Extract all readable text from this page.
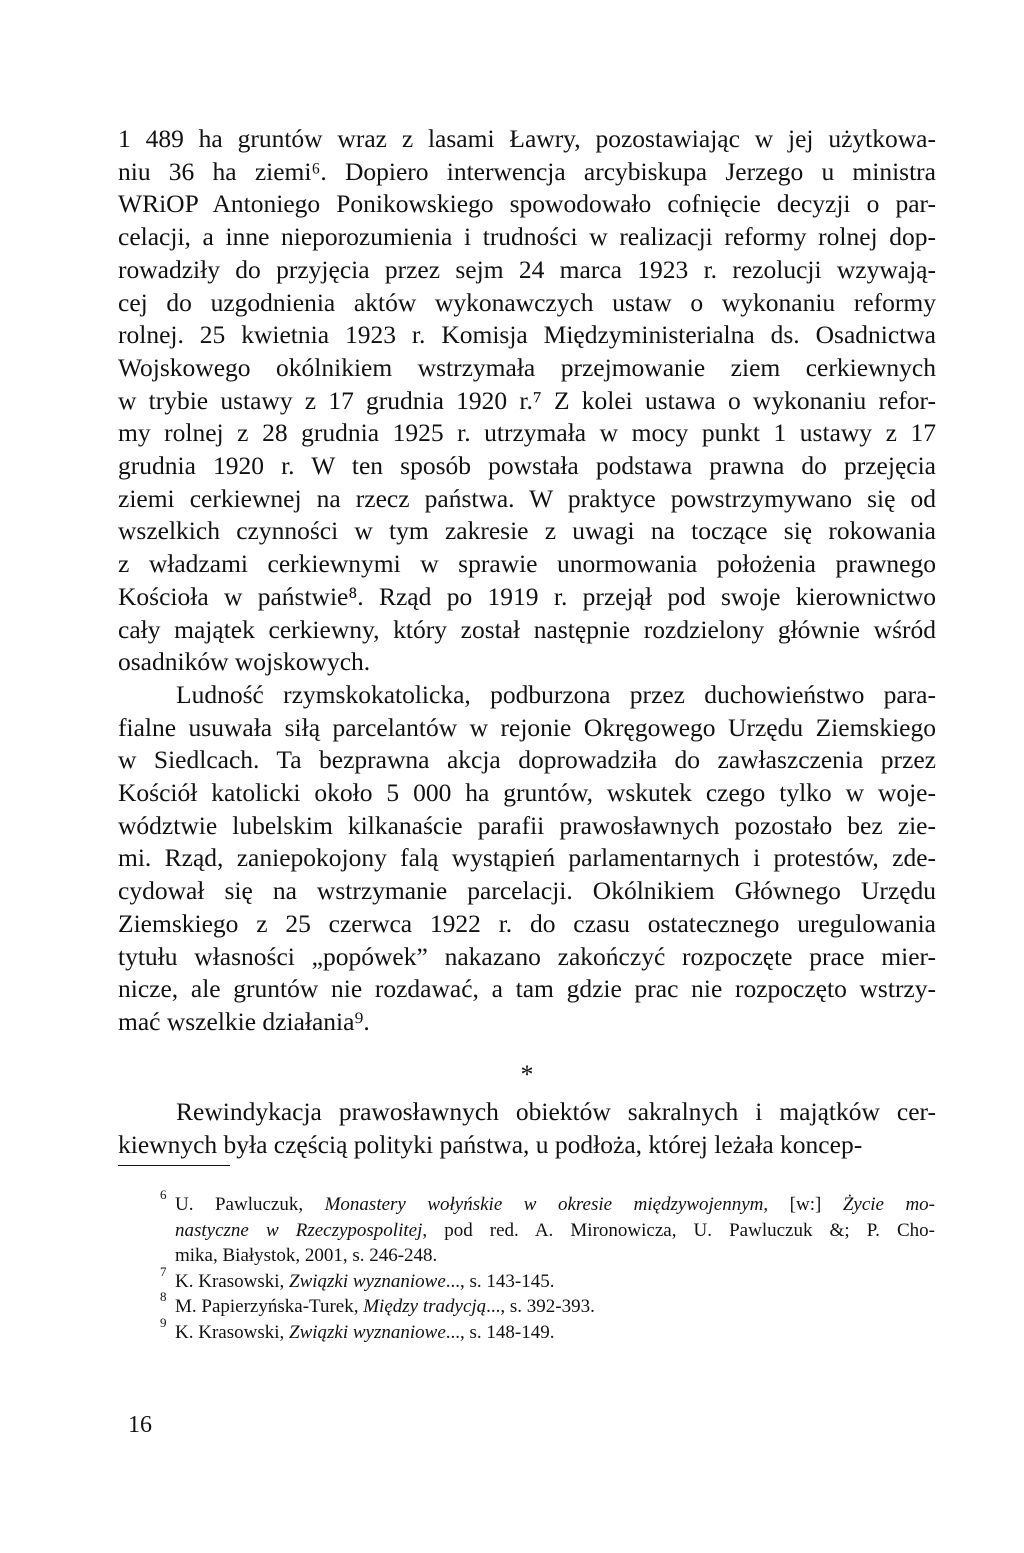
1 489 ha gruntów wraz z lasami Ławry, pozostawiając w jej użytkowa-
niu 36 ha ziemi⁶. Dopiero interwencja arcybiskupa Jerzego u ministra
WRiOP Antoniego Ponikowskiego spowodowało cofnięcie decyzji o par-
celacji, a inne nieporozumienia i trudności w realizacji reformy rolnej dop-
rowadziły do przyjęcia przez sejm 24 marca 1923 r. rezolucji wzywają-
cej do uzgodnienia aktów wykonawczych ustaw o wykonaniu reformy
rolnej. 25 kwietnia 1923 r. Komisja Międzyministerialna ds. Osadnictwa
Wojskowego okólnikiem wstrzymała przejmowanie ziem cerkiewnych
w trybie ustawy z 17 grudnia 1920 r.⁷ Z kolei ustawa o wykonaniu refor-
my rolnej z 28 grudnia 1925 r. utrzymała w mocy punkt 1 ustawy z 17
grudnia 1920 r. W ten sposób powstała podstawa prawna do przejęcia
ziemi cerkiewnej na rzecz państwa. W praktyce powstrzymywano się od
wszelkich czynności w tym zakresie z uwagi na toczące się rokowania
z władzami cerkiewnymi w sprawie unormowania położenia prawnego
Kościoła w państwie⁸. Rząd po 1919 r. przejął pod swoje kierownictwo
cały majątek cerkiewny, który został następnie rozdzielony głównie wśród
osadników wojskowych.

Ludność rzymskokatolicka, podburzona przez duchowieństwo para-
fialne usuwała siłą parcelantów w rejonie Okręgowego Urzędu Ziemskiego
w Siedlcach. Ta bezprawna akcja doprowadziła do zawłaszczenia przez
Kościół katolicki około 5 000 ha gruntów, wskutek czego tylko w woje-
wództwie lubelskim kilkanaście parafii prawosławnych pozostało bez zie-
mi. Rząd, zaniepokojony falą wystąpień parlamentarnych i protestów, zde-
cydował się na wstrzymanie parcelacji. Okólnikiem Głównego Urzędu
Ziemskiego z 25 czerwca 1922 r. do czasu ostatecznego uregulowania
tytułu własności „popówek” nakazano zakończyć rozpoczęte prace mier-
nicze, ale gruntów nie rozdawać, a tam gdzie prac nie rozpoczęto wstrzy-
mać wszelkie działania⁹.

*

Rewindykacja prawosławnych obiektów sakralnych i majątków cer-
kiewnych była częścią polityki państwa, u podłoża, której leżała koncep-

6 U. Pawluczuk, Monastery wołyńskie w okresie międzywojennym, [w:] Życie mo-
nastyczne w Rzeczypospolitej, pod red. A. Mironowicza, U. Pawluczuk &; P. Cho-
mika, Białystok, 2001, s. 246-248.
7 K. Krasowski, Związki wyznaniowe..., s. 143-145.
8 M. Papierzyńska-Turek, Między tradycją..., s. 392-393.
9 K. Krasowski, Związki wyznaniowe..., s. 148-149.
16
